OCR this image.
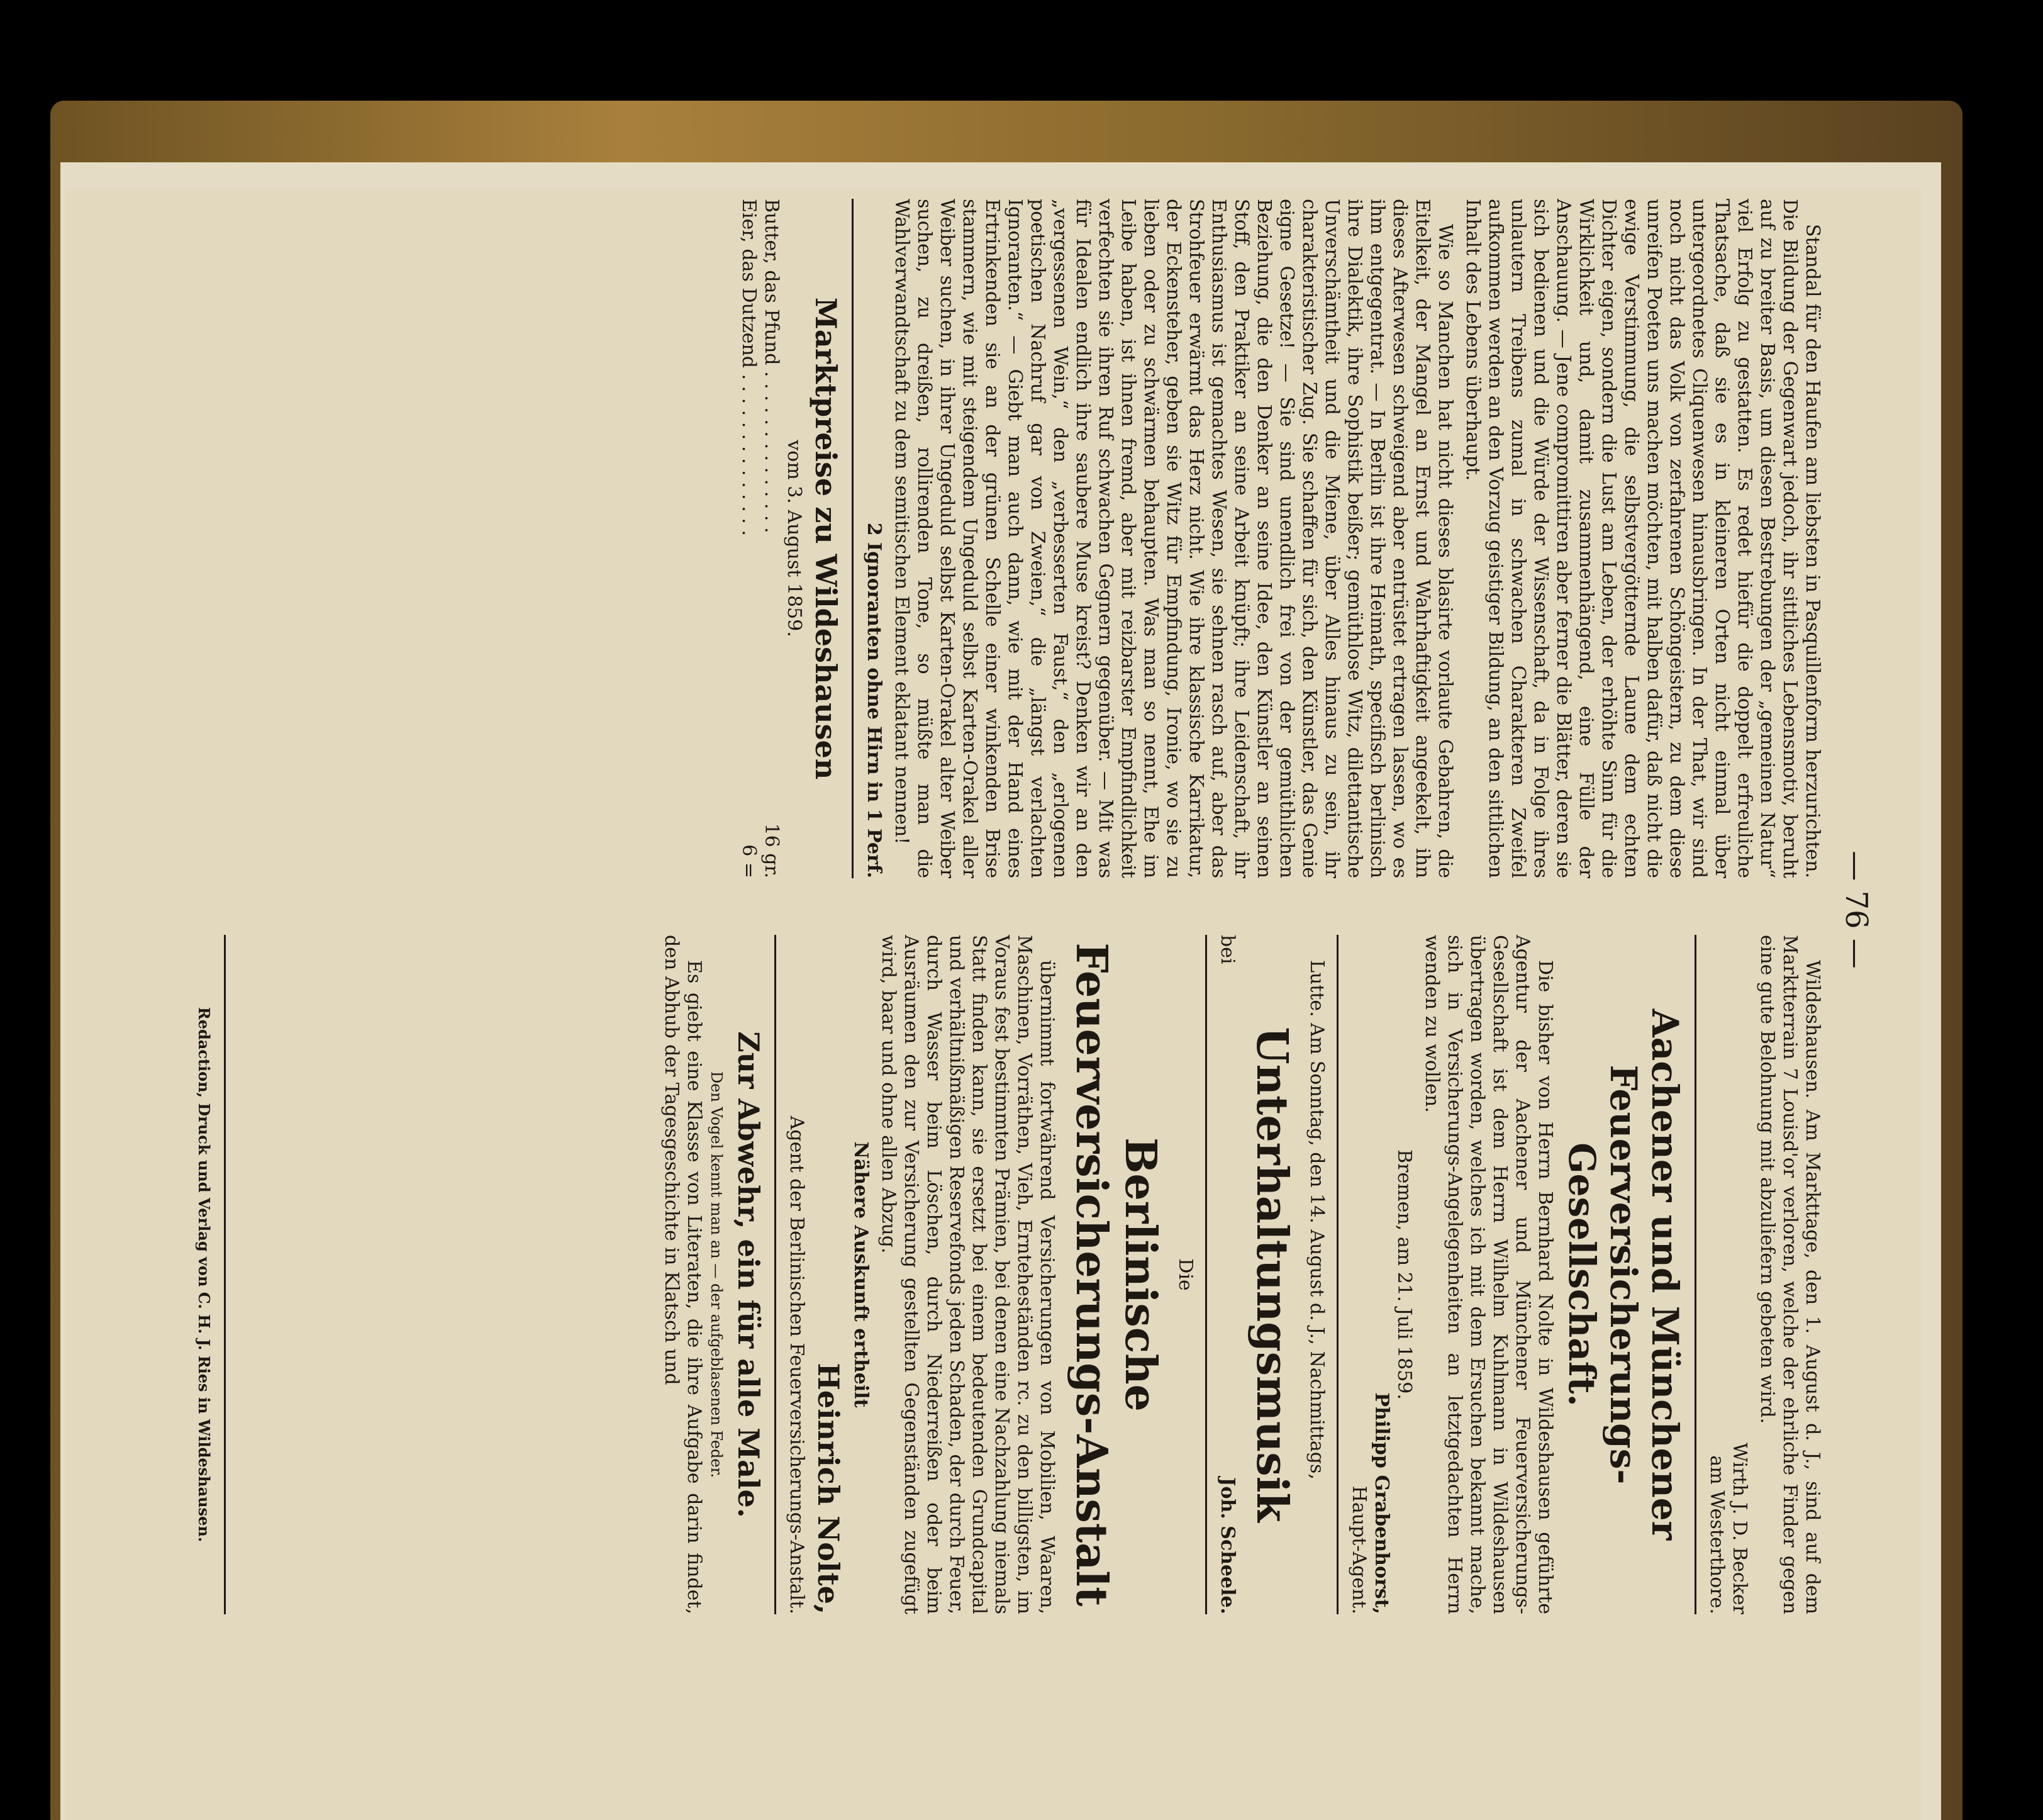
— 76 —

Standal für den Haufen am liebsten in Pasquillenform herzurichten. Die Bildung der Gegenwart jedoch, ihr sittliches Lebensmotiv, beruht auf zu breiter Basis, um diesen Bestrebungen der „gemeinen Natur“ viel Erfolg zu gestatten. Es redet hiefür die doppelt erfreuliche Thatsache, daß sie es in kleineren Orten nicht einmal über untergeordnetes Cliquenwesen hinausbringen. In der That, wir sind noch nicht das Volk von zerfahrenen Schöngeistern, zu dem diese unreifen Poeten uns machen möchten, mit halben dafür, daß nicht die ewige Verstimmung, die selbstvergötternde Laune dem echten Dichter eigen, sondern die Lust am Leben, der erhöhte Sinn für die Wirklichkeit und, damit zusammenhängend, eine Fülle der Anschauung. — Jene compromittiren aber ferner die Blätter, deren sie sich bedienen und die Würde der Wissenschaft, da in Folge ihres unlautern Treibens zumal in schwachen Charakteren Zweifel aufkommen werden an den Vorzug geistiger Bildung, an den sittlichen Inhalt des Lebens überhaupt.

Wie so Manchen hat nicht dieses blasirte vorlaute Gebahren, die Eitelkeit, der Mangel an Ernst und Wahrhaftigkeit angeekelt, ihn dieses Afterwesen schweigend aber entrüstet ertragen lassen, wo es ihm entgegentrat. — In Berlin ist ihre Heimath, specifisch berlinisch ihre Dialektik, ihre Sophistik beißer; gemüthlose Witz, dilettantische Unverschämtheit und die Miene, über Alles hinaus zu sein, ihr charakteristischer Zug. Sie schaffen für sich, den Künstler, das Genie eigne Gesetze! — Sie sind unendlich frei von der gemüthlichen Beziehung, die den Denker an seine Idee, den Künstler an seinen Stoff, den Praktiker an seine Arbeit knüpft; ihre Leidenschaft, ihr Enthusiasmus ist gemachtes Wesen, sie sehnen rasch auf, aber das Strohfeuer erwärmt das Herz nicht. Wie ihre klassische Karrikatur, der Eckensteher, geben sie Witz für Empfindung, Ironie, wo sie zu lieben oder zu schwärmen behaupten. Was man so nennt, Ehe im Leibe haben, ist ihnen fremd, aber mit reizbarster Empfindlichkeit verfechten sie ihren Ruf schwachen Gegnern gegenüber. — Mit was für Idealen endlich ihre saubere Muse kreist? Denken wir an den „vergessenen Wein,“ den „verbesserten Faust,“ den „erlogenen poetischen Nachruf gar von Zweien,“ die „längst verlachten Ignoranten.“ — Giebt man auch dann, wie mit der Hand eines Ertrinkenden sie an der grünen Schelle einer winkenden Brise stammern, wie mit steigendem Ungeduld selbst Karten-Orakel aller Weiber suchen, in ihrer Ungeduld selbst Karten-Orakel alter Weiber suchen, zu dreißen, rollirenden Tone, so müßte man die Wahlverwandtschaft zu dem semitischen Element eklatant nennen!

2 Ignoranten ohne Hirn in 1 Perf.
Marktpreise zu Wildeshausen
vom 3. August 1859.
Butter, das Pfund . . . . . . . . . . . . . .
16 gr.
Eier, das Dutzend . . . . . . . . . . . . . .
6 =

Wildeshausen. Am Markttage, den 1. August d. J., sind auf dem Marktterrain 7 Louisd'or verloren, welche der ehrliche Finder gegen eine gute Belohnung mit abzuliefern gebeten wird.

Wirth J. D. Becker
am Westerthore.
Aachener und Münchener Feuerversicherungs-Gesellschaft.

Die bisher von Herrn Bernhard Nolte in Wildeshausen geführte Agentur der Aachener und Münchener Feuerversicherungs-Gesellschaft ist dem Herrn Wilhelm Kuhlmann in Wildeshausen übertragen worden, welches ich mit dem Ersuchen bekannt mache, sich in Versicherungs-Angelegenheiten an letztgedachten Herrn wenden zu wollen.

Bremen, am 21. Juli 1859.
Philipp Grabenhorst,
Haupt-Agent.

Lutte. Am Sonntag, den 14. August d. J., Nachmittags,

Unterhaltungsmusik
bei
Joh. Scheele.
Die
Berlinische Feuerversicherungs-Anstalt

übernimmt fortwährend Versicherungen von Mobilien, Waaren, Maschinen, Vorräthen, Vieh, Ernteheständen rc. zu den billigsten, im Voraus fest bestimmten Prämien, bei denen eine Nachzahlung niemals Statt finden kann, sie ersetzt bei einem bedeutenden Grundcapital und verhältnißmäßigen Reservefonds jeden Schaden, der durch Feuer, durch Wasser beim Löschen, durch Niederreißen oder beim Ausräumen den zur Versicherung gestellten Gegenständen zugefügt wird, baar und ohne allen Abzug.

Nähere Auskunft ertheilt
Heinrich Nolte,
Agent der Berlinischen Feuerversicherungs-Anstalt.
Zur Abwehr, ein für alle Male.
Den Vogel kennt man an — der aufgeblasenen Feder.

Es giebt eine Klasse von Literaten, die ihre Aufgabe darin findet, den Abhub der Tagesgeschichte in Klatsch und

Redaction, Druck und Verlag von C. H. J. Ries in Wildeshausen.
